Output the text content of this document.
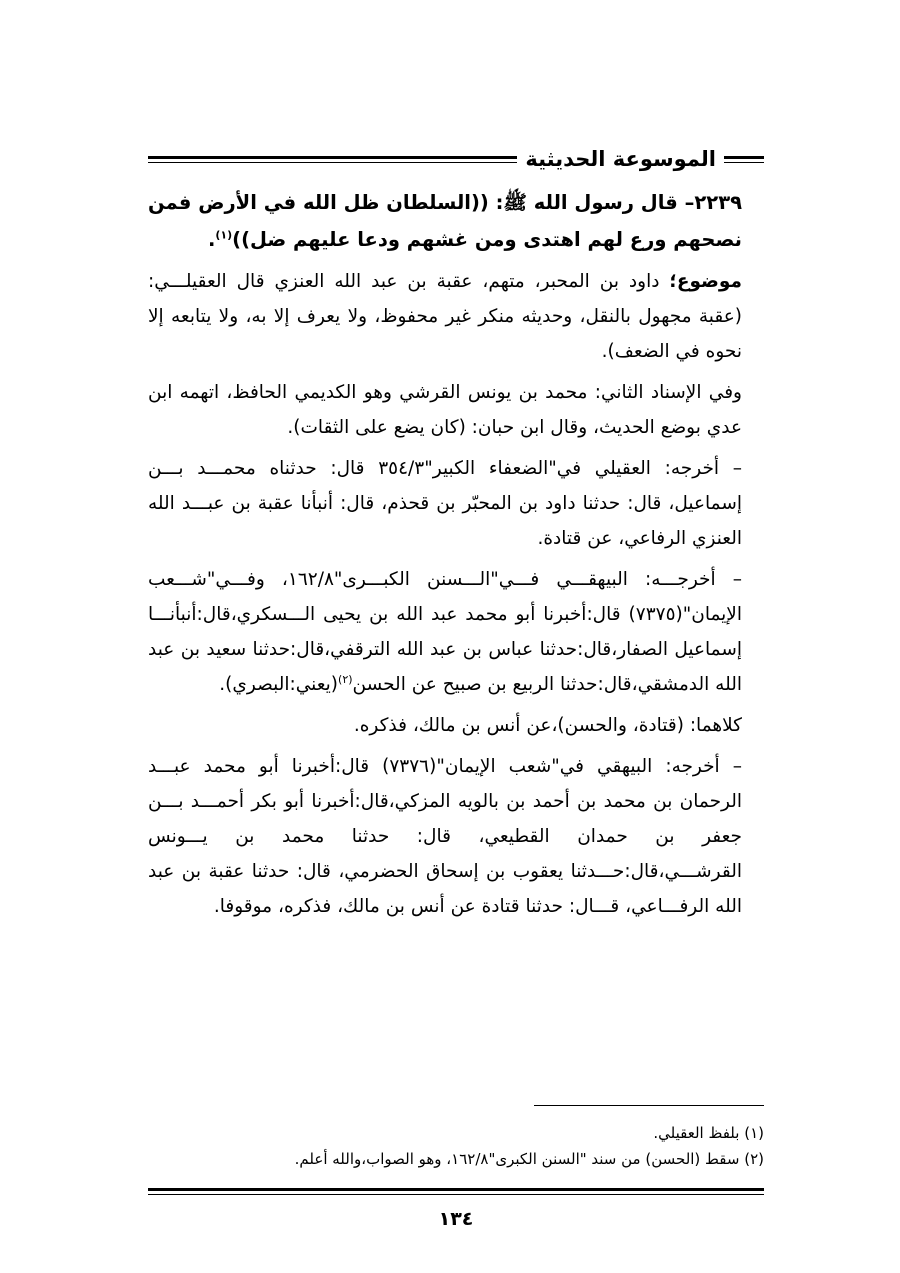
الموسوعة الحديثية

٢٢٣٩– قال رسول الله ﷺ: ((السلطان ظل الله في الأرض فمن نصحهم ورع لهم اهتدى ومن غشهم ودعا عليهم ضل))$^{(١)}$.

موضوع؛ داود بن المحبر، متهم، عقبة بن عبد الله العنزي قال العقيلـــي: (عقبة مجهول بالنقل، وحديثه منكر غير محفوظ، ولا يعرف إلا به، ولا يتابعه إلا نحوه في الضعف).

وفي الإسناد الثاني: محمد بن يونس القرشي وهو الكديمي الحافظ، اتهمه ابن عدي بوضع الحديث، وقال ابن حبان: (كان يضع على الثقات).

– أخرجه: العقيلي في"الضعفاء الكبير"٣٥٤/٣ قال: حدثناه محمـــد بـــن إسماعيل، قال: حدثنا داود بن المحبّر بن قحذم، قال: أنبأنا عقبة بن عبـــد الله العنزي الرفاعي، عن قتادة.

– أخرجـــه: البيهقـــي فـــي"الـــسنن الكبـــرى"١٦٢/٨، وفـــي"شـــعب الإيمان"(٧٣٧٥) قال:أخبرنا أبو محمد عبد الله بن يحيى الـــسكري،قال:أنبأنـــا إسماعيل الصفار،قال:حدثنا عباس بن عبد الله الترقفي،قال:حدثنا سعيد بن عبد الله الدمشقي،قال:حدثنا الربيع بن صبيح عن الحسن$^{(٢)}$(يعني:البصري).

كلاهما: (قتادة، والحسن)،عن أنس بن مالك، فذكره.

– أخرجه: البيهقي في"شعب الإيمان"(٧٣٧٦) قال:أخبرنا أبو محمد عبـــد الرحمان بن محمد بن أحمد بن بالويه المزكي،قال:أخبرنا أبو بكر أحمـــد بـــن جعفر بن حمدان القطيعي، قال: حدثنا محمد بن يـــونس القرشـــي،قال:حـــدثنا يعقوب بن إسحاق الحضرمي، قال: حدثنا عقبة بن عبد الله الرفـــاعي، قـــال: حدثنا قتادة عن أنس بن مالك، فذكره، موقوفا.

(١) بلفظ العقيلي.

(٢) سقط (الحسن) من سند "السنن الكبرى"١٦٢/٨، وهو الصواب،والله أعلم.

١٣٤
